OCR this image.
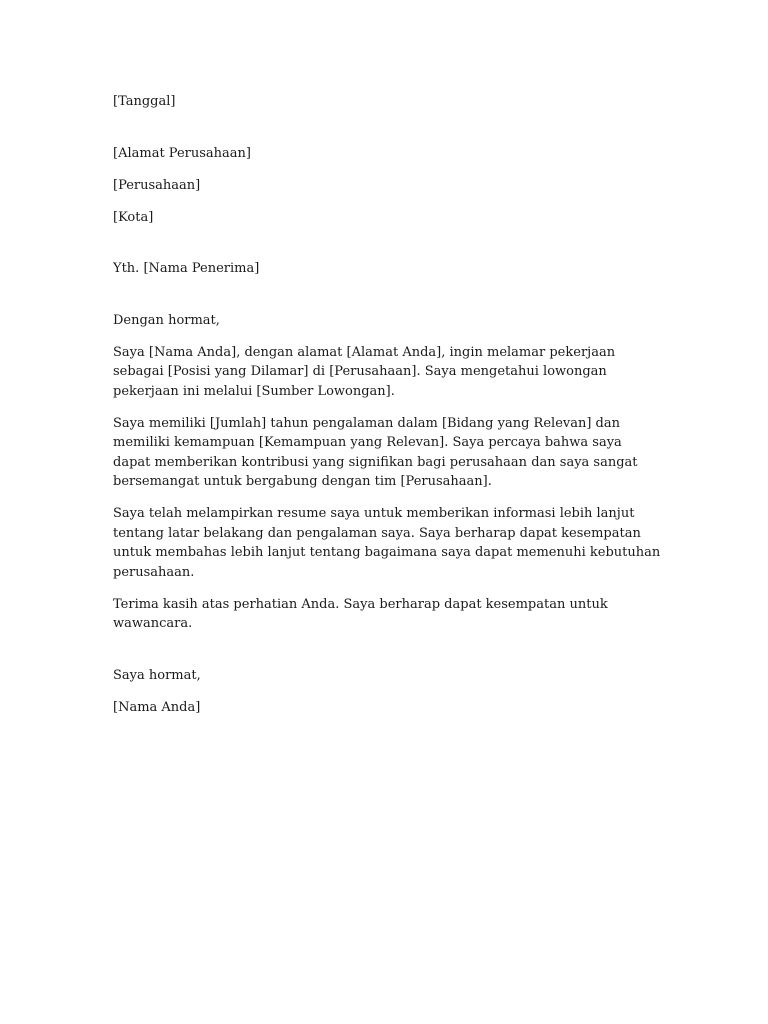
[Tanggal]

[Alamat Perusahaan]

[Perusahaan]

[Kota]

Yth. [Nama Penerima]

Dengan hormat,

Saya [Nama Anda], dengan alamat [Alamat Anda], ingin melamar pekerjaan sebagai [Posisi yang Dilamar] di [Perusahaan]. Saya mengetahui lowongan pekerjaan ini melalui [Sumber Lowongan].

Saya memiliki [Jumlah] tahun pengalaman dalam [Bidang yang Relevan] dan memiliki kemampuan [Kemampuan yang Relevan]. Saya percaya bahwa saya dapat memberikan kontribusi yang signifikan bagi perusahaan dan saya sangat bersemangat untuk bergabung dengan tim [Perusahaan].

Saya telah melampirkan resume saya untuk memberikan informasi lebih lanjut tentang latar belakang dan pengalaman saya. Saya berharap dapat kesempatan untuk membahas lebih lanjut tentang bagaimana saya dapat memenuhi kebutuhan perusahaan.

Terima kasih atas perhatian Anda. Saya berharap dapat kesempatan untuk wawancara.

Saya hormat,

[Nama Anda]
